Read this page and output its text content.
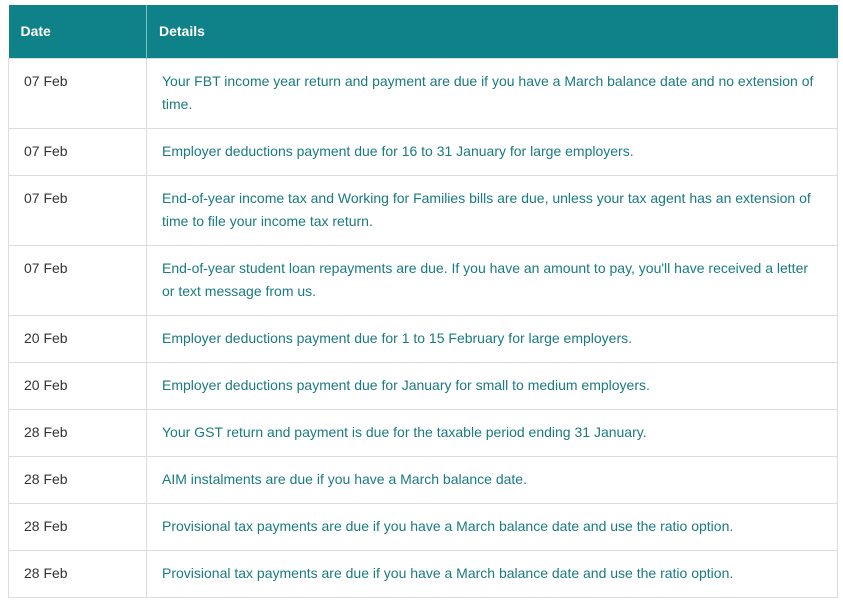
Date	Details
07 Feb	Your FBT income year return and payment are due if you have a March balance date and no extension of time.
07 Feb	Employer deductions payment due for 16 to 31 January for large employers.
07 Feb	End-of-year income tax and Working for Families bills are due, unless your tax agent has an extension of time to file your income tax return.
07 Feb	End-of-year student loan repayments are due. If you have an amount to pay, you'll have received a letter or text message from us.
20 Feb	Employer deductions payment due for 1 to 15 February for large employers.
20 Feb	Employer deductions payment due for January for small to medium employers.
28 Feb	Your GST return and payment is due for the taxable period ending 31 January.
28 Feb	AIM instalments are due if you have a March balance date.
28 Feb	Provisional tax payments are due if you have a March balance date and use the ratio option.
28 Feb	Provisional tax payments are due if you have a March balance date and use the ratio option.
